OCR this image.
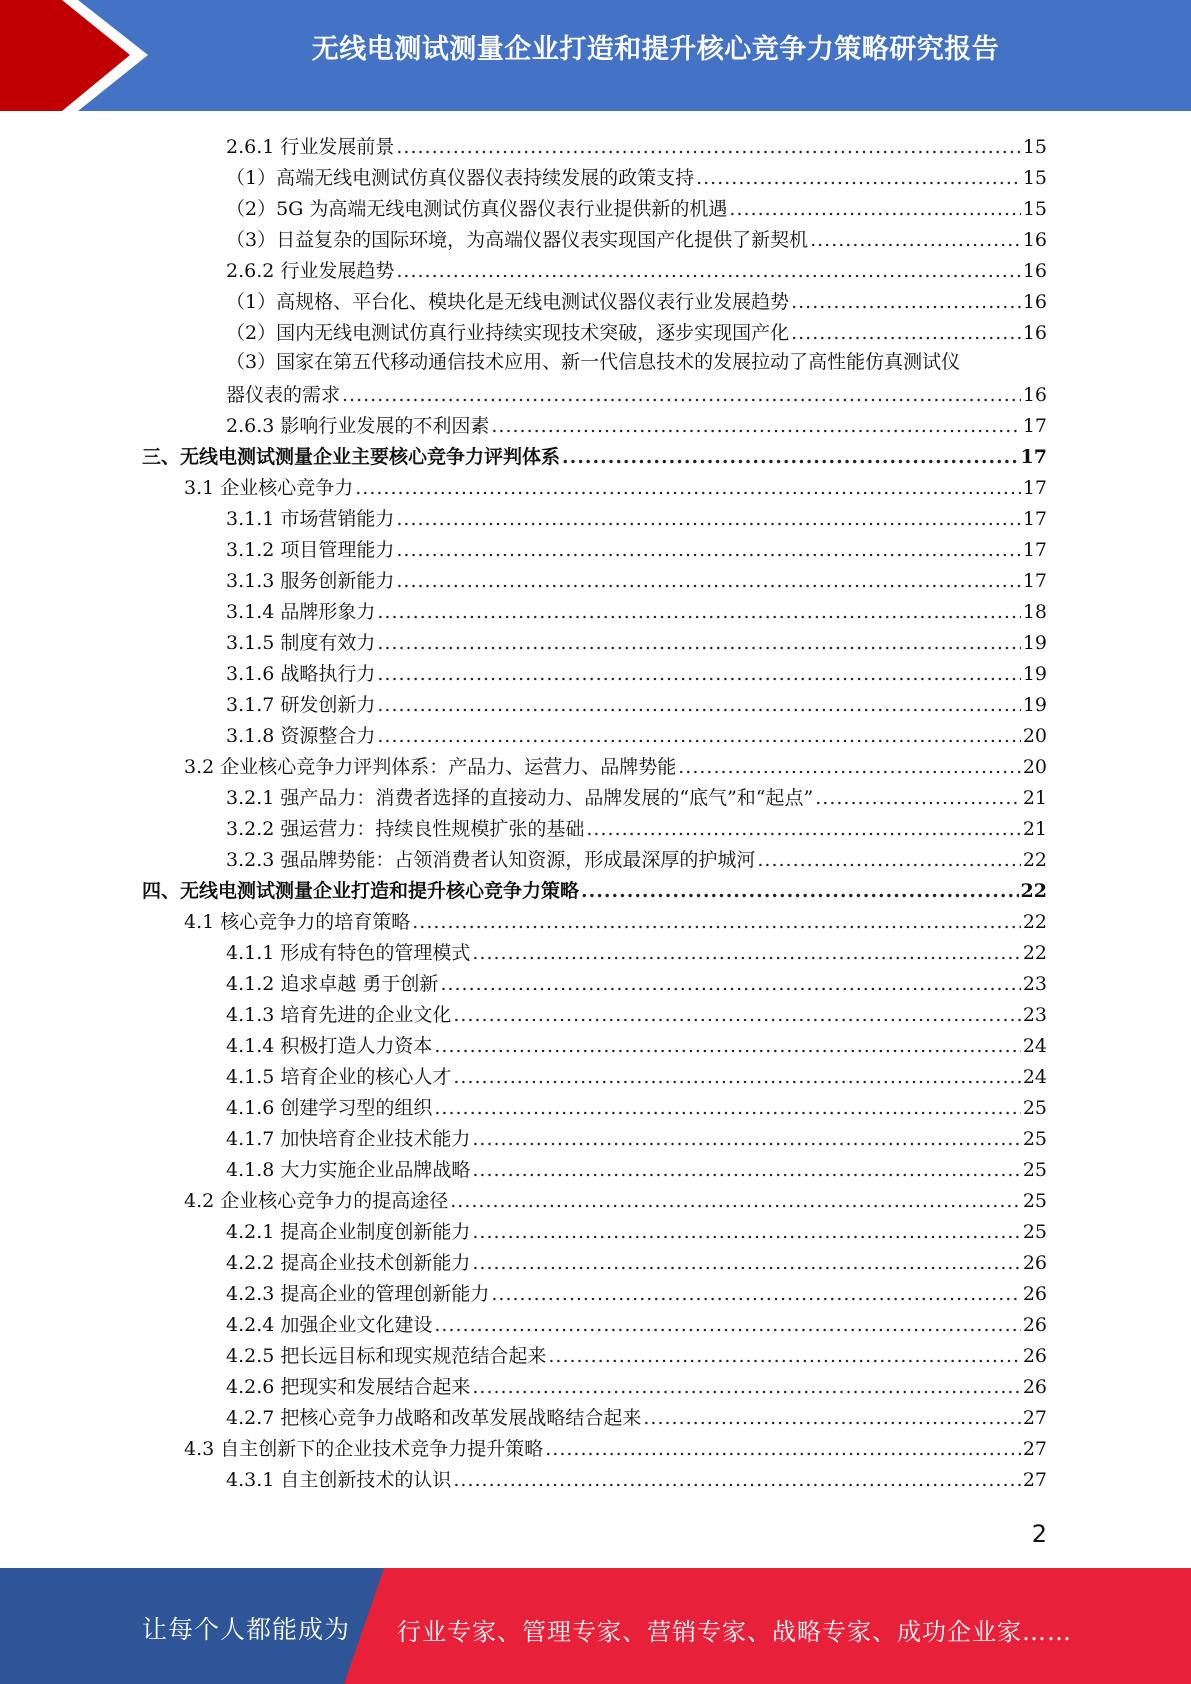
无线电测试测量企业打造和提升核心竞争力策略研究报告
2.6.1 行业发展前景 .....	15
（1）高端无线电测试仿真仪器仪表持续发展的政策支持 .....	15
（2）5G 为高端无线电测试仿真仪器仪表行业提供新的机遇 .....	15
（3）日益复杂的国际环境，为高端仪器仪表实现国产化提供了新契机 .....	16
2.6.2 行业发展趋势 .....	16
（1）高规格、平台化、模块化是无线电测试仪器仪表行业发展趋势 .....	16
（2）国内无线电测试仿真行业持续实现技术突破，逐步实现国产化 .....	16
（3）国家在第五代移动通信技术应用、新一代信息技术的发展拉动了高性能仿真测试仪
器仪表的需求 .....	16
2.6.3 影响行业发展的不利因素 .....	17
三、无线电测试测量企业主要核心竞争力评判体系 .....	17
3.1 企业核心竞争力 .....	17
3.1.1 市场营销能力 .....	17
3.1.2 项目管理能力 .....	17
3.1.3 服务创新能力 .....	17
3.1.4 品牌形象力 .....	18
3.1.5 制度有效力 .....	19
3.1.6 战略执行力 .....	19
3.1.7 研发创新力 .....	19
3.1.8 资源整合力 .....	20
3.2 企业核心竞争力评判体系：产品力、运营力、品牌势能 .....	20
3.2.1 强产品力：消费者选择的直接动力、品牌发展的“底气”和“起点” .....	21
3.2.2 强运营力：持续良性规模扩张的基础 .....	21
3.2.3 强品牌势能：占领消费者认知资源，形成最深厚的护城河 .....	22
四、无线电测试测量企业打造和提升核心竞争力策略 .....	22
4.1 核心竞争力的培育策略 .....	22
4.1.1 形成有特色的管理模式 .....	22
4.1.2 追求卓越 勇于创新 .....	23
4.1.3 培育先进的企业文化 .....	23
4.1.4 积极打造人力资本 .....	24
4.1.5 培育企业的核心人才 .....	24
4.1.6 创建学习型的组织 .....	25
4.1.7 加快培育企业技术能力 .....	25
4.1.8 大力实施企业品牌战略 .....	25
4.2 企业核心竞争力的提高途径 .....	25
4.2.1 提高企业制度创新能力 .....	25
4.2.2 提高企业技术创新能力 .....	26
4.2.3 提高企业的管理创新能力 .....	26
4.2.4 加强企业文化建设 .....	26
4.2.5 把长远目标和现实规范结合起来 .....	26
4.2.6 把现实和发展结合起来 .....	26
4.2.7 把核心竞争力战略和改革发展战略结合起来 .....	27
4.3 自主创新下的企业技术竞争力提升策略 .....	27
4.3.1 自主创新技术的认识 .....	27
2
让每个人都能成为 行业专家、管理专家、营销专家、战略专家、成功企业家……
